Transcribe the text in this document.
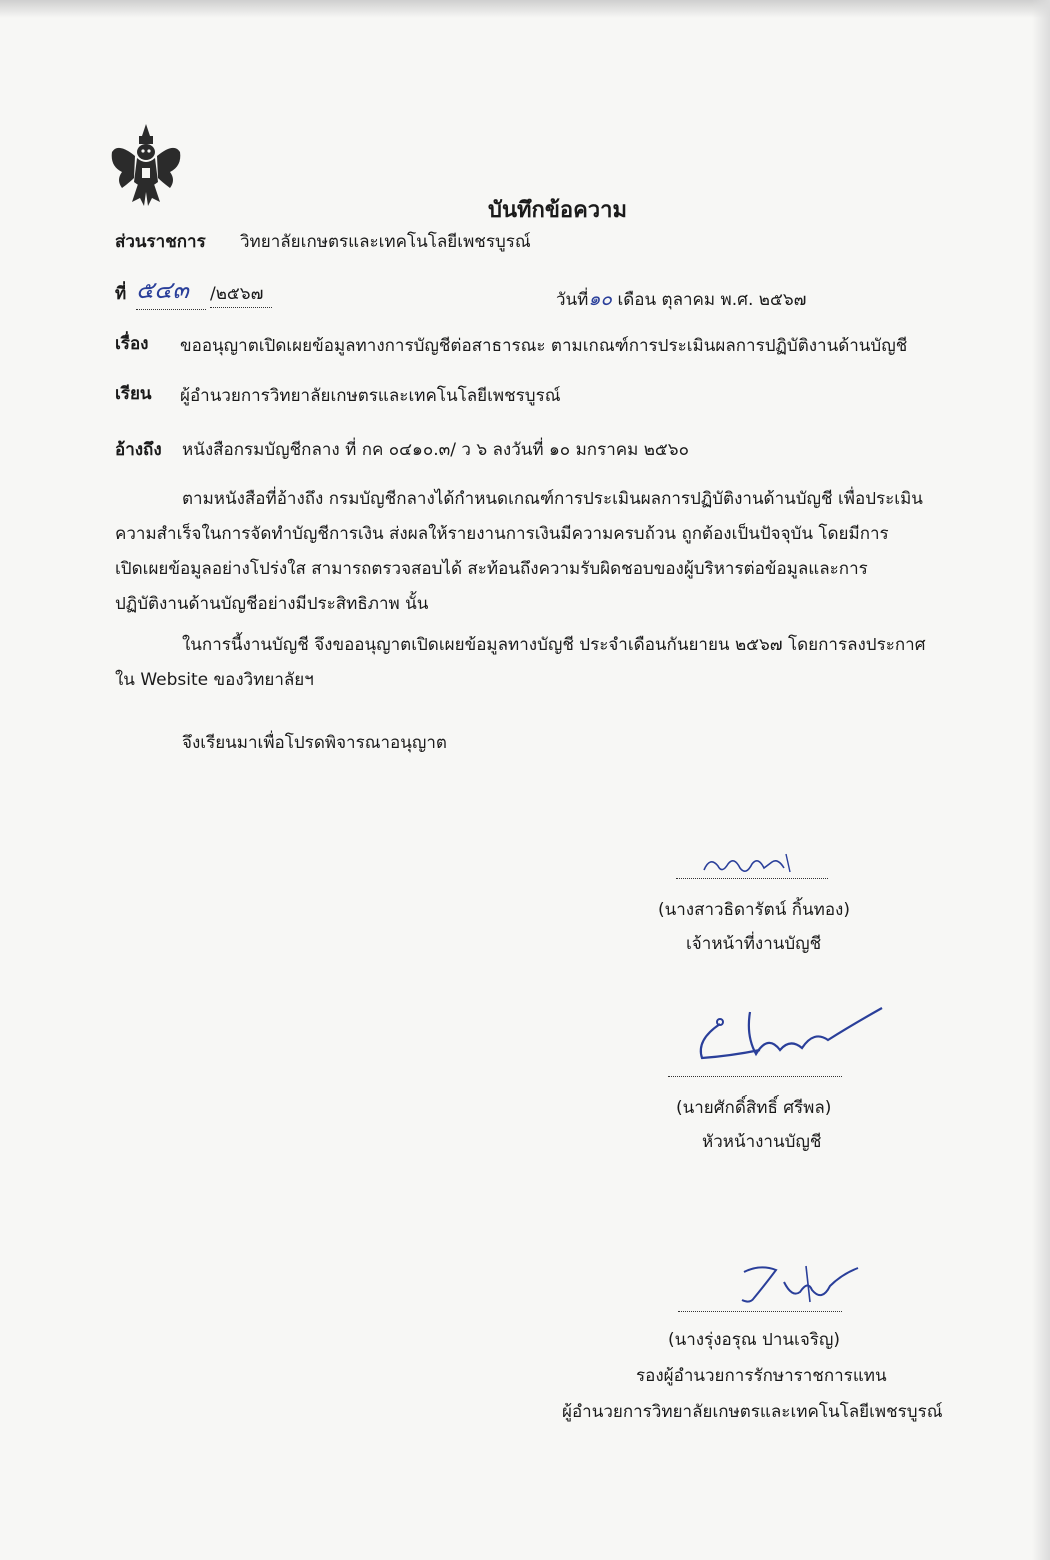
บันทึกข้อความ
ส่วนราชการ วิทยาลัยเกษตรและเทคโนโลยีเพชรบูรณ์
ที่ ๕๔๓	/๒๕๖๗	วันที่๑๐ เดือน ตุลาคม พ.ศ. ๒๕๖๗
เรื่อง ขออนุญาตเปิดเผยข้อมูลทางการบัญชีต่อสาธารณะ ตามเกณฑ์การประเมินผลการปฏิบัติงานด้านบัญชี
เรียน ผู้อำนวยการวิทยาลัยเกษตรและเทคโนโลยีเพชรบูรณ์
อ้างถึง หนังสือกรมบัญชีกลาง ที่ กค ๐๔๑๐.๓/ ว ๖ ลงวันที่ ๑๐ มกราคม ๒๕๖๐
ตามหนังสือที่อ้างถึง กรมบัญชีกลางได้กำหนดเกณฑ์การประเมินผลการปฏิบัติงานด้านบัญชี เพื่อประเมิน
ความสำเร็จในการจัดทำบัญชีการเงิน ส่งผลให้รายงานการเงินมีความครบถ้วน ถูกต้องเป็นปัจจุบัน โดยมีการ
เปิดเผยข้อมูลอย่างโปร่งใส สามารถตรวจสอบได้ สะท้อนถึงความรับผิดชอบของผู้บริหารต่อข้อมูลและการ
ปฏิบัติงานด้านบัญชีอย่างมีประสิทธิภาพ นั้น
ในการนี้งานบัญชี จึงขออนุญาตเปิดเผยข้อมูลทางบัญชี ประจำเดือนกันยายน ๒๕๖๗ โดยการลงประกาศ
ใน Website ของวิทยาลัยฯ
จึงเรียนมาเพื่อโปรดพิจารณาอนุญาต
(นางสาวธิดารัตน์ กิ้นทอง)
เจ้าหน้าที่งานบัญชี
(นายศักดิ์สิทธิ์ ศรีพล)
หัวหน้างานบัญชี
(นางรุ่งอรุณ ปานเจริญ)
รองผู้อำนวยการรักษาราชการแทน
ผู้อำนวยการวิทยาลัยเกษตรและเทคโนโลยีเพชรบูรณ์
